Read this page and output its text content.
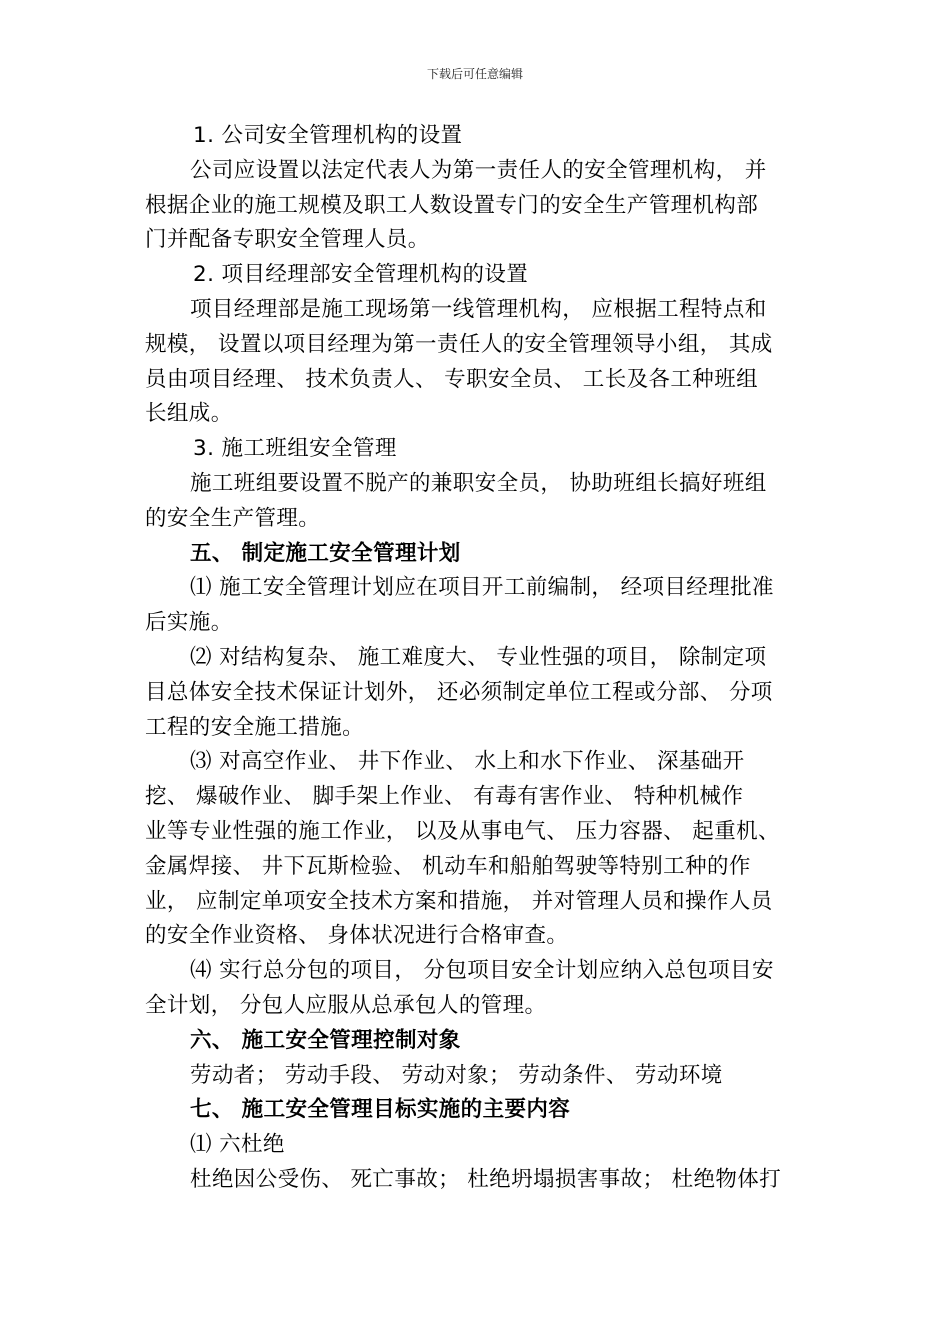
下载后可任意编辑
1. 公司安全管理机构的设置
公司应设置以法定代表人为第一责任人的安全管理机构， 并
根据企业的施工规模及职工人数设置专门的安全生产管理机构部
门并配备专职安全管理人员。
2. 项目经理部安全管理机构的设置
项目经理部是施工现场第一线管理机构， 应根据工程特点和
规模， 设置以项目经理为第一责任人的安全管理领导小组， 其成
员由项目经理、 技术负责人、 专职安全员、 工长及各工种班组
长组成。
3. 施工班组安全管理
施工班组要设置不脱产的兼职安全员， 协助班组长搞好班组
的安全生产管理。
五、 制定施工安全管理计划
⑴ 施工安全管理计划应在项目开工前编制， 经项目经理批准
后实施。
⑵ 对结构复杂、 施工难度大、 专业性强的项目， 除制定项
目总体安全技术保证计划外， 还必须制定单位工程或分部、 分项
工程的安全施工措施。
⑶ 对高空作业、 井下作业、 水上和水下作业、 深基础开
挖、 爆破作业、 脚手架上作业、 有毒有害作业、 特种机械作
业等专业性强的施工作业， 以及从事电气、 压力容器、 起重机、
金属焊接、 井下瓦斯检验、 机动车和船舶驾驶等特别工种的作
业， 应制定单项安全技术方案和措施， 并对管理人员和操作人员
的安全作业资格、 身体状况进行合格审查。
⑷ 实行总分包的项目， 分包项目安全计划应纳入总包项目安
全计划， 分包人应服从总承包人的管理。
六、 施工安全管理控制对象
劳动者； 劳动手段、 劳动对象； 劳动条件、 劳动环境
七、 施工安全管理目标实施的主要内容
⑴ 六杜绝
杜绝因公受伤、 死亡事故； 杜绝坍塌损害事故； 杜绝物体打
